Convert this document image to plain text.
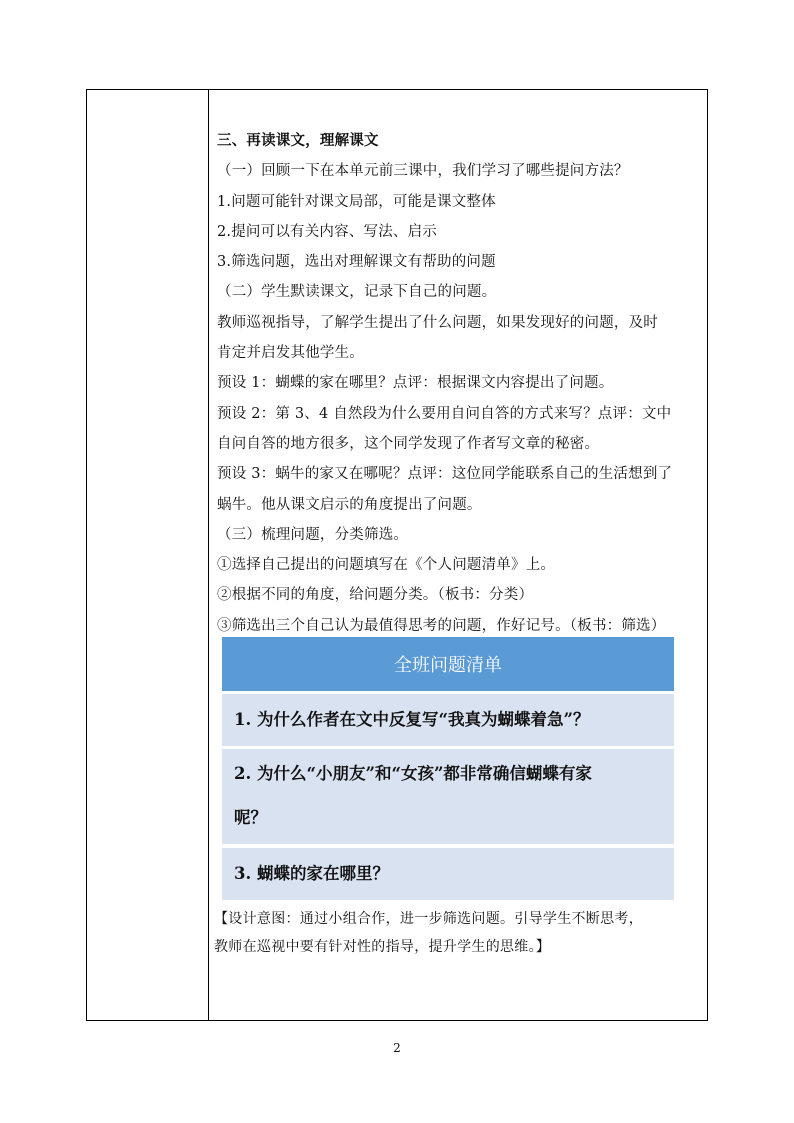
三、再读课文，理解课文

（一）回顾一下在本单元前三课中，我们学习了哪些提问方法？

1.问题可能针对课文局部，可能是课文整体

2.提问可以有关内容、写法、启示

3.筛选问题，选出对理解课文有帮助的问题

（二）学生默读课文，记录下自己的问题。

教师巡视指导，了解学生提出了什么问题，如果发现好的问题，及时

肯定并启发其他学生。

预设 1：蝴蝶的家在哪里？点评：根据课文内容提出了问题。

预设 2：第 3、4 自然段为什么要用自问自答的方式来写？点评：文中

自问自答的地方很多，这个同学发现了作者写文章的秘密。

预设 3：蜗牛的家又在哪呢？点评：这位同学能联系自己的生活想到了

蜗牛。他从课文启示的角度提出了问题。

（三）梳理问题，分类筛选。

①选择自己提出的问题填写在《个人问题清单》上。

②根据不同的角度，给问题分类。（板书：分类）

③筛选出三个自己认为最值得思考的问题，作好记号。（板书：筛选）

全班问题清单
1. 为什么作者在文中反复写“我真为蝴蝶着急”？
2. 为什么“小朋友”和“女孩”都非常确信蝴蝶有家
呢？
3. 蝴蝶的家在哪里？

【设计意图：通过小组合作，进一步筛选问题。引导学生不断思考，

教师在巡视中要有针对性的指导，提升学生的思维。】

2
